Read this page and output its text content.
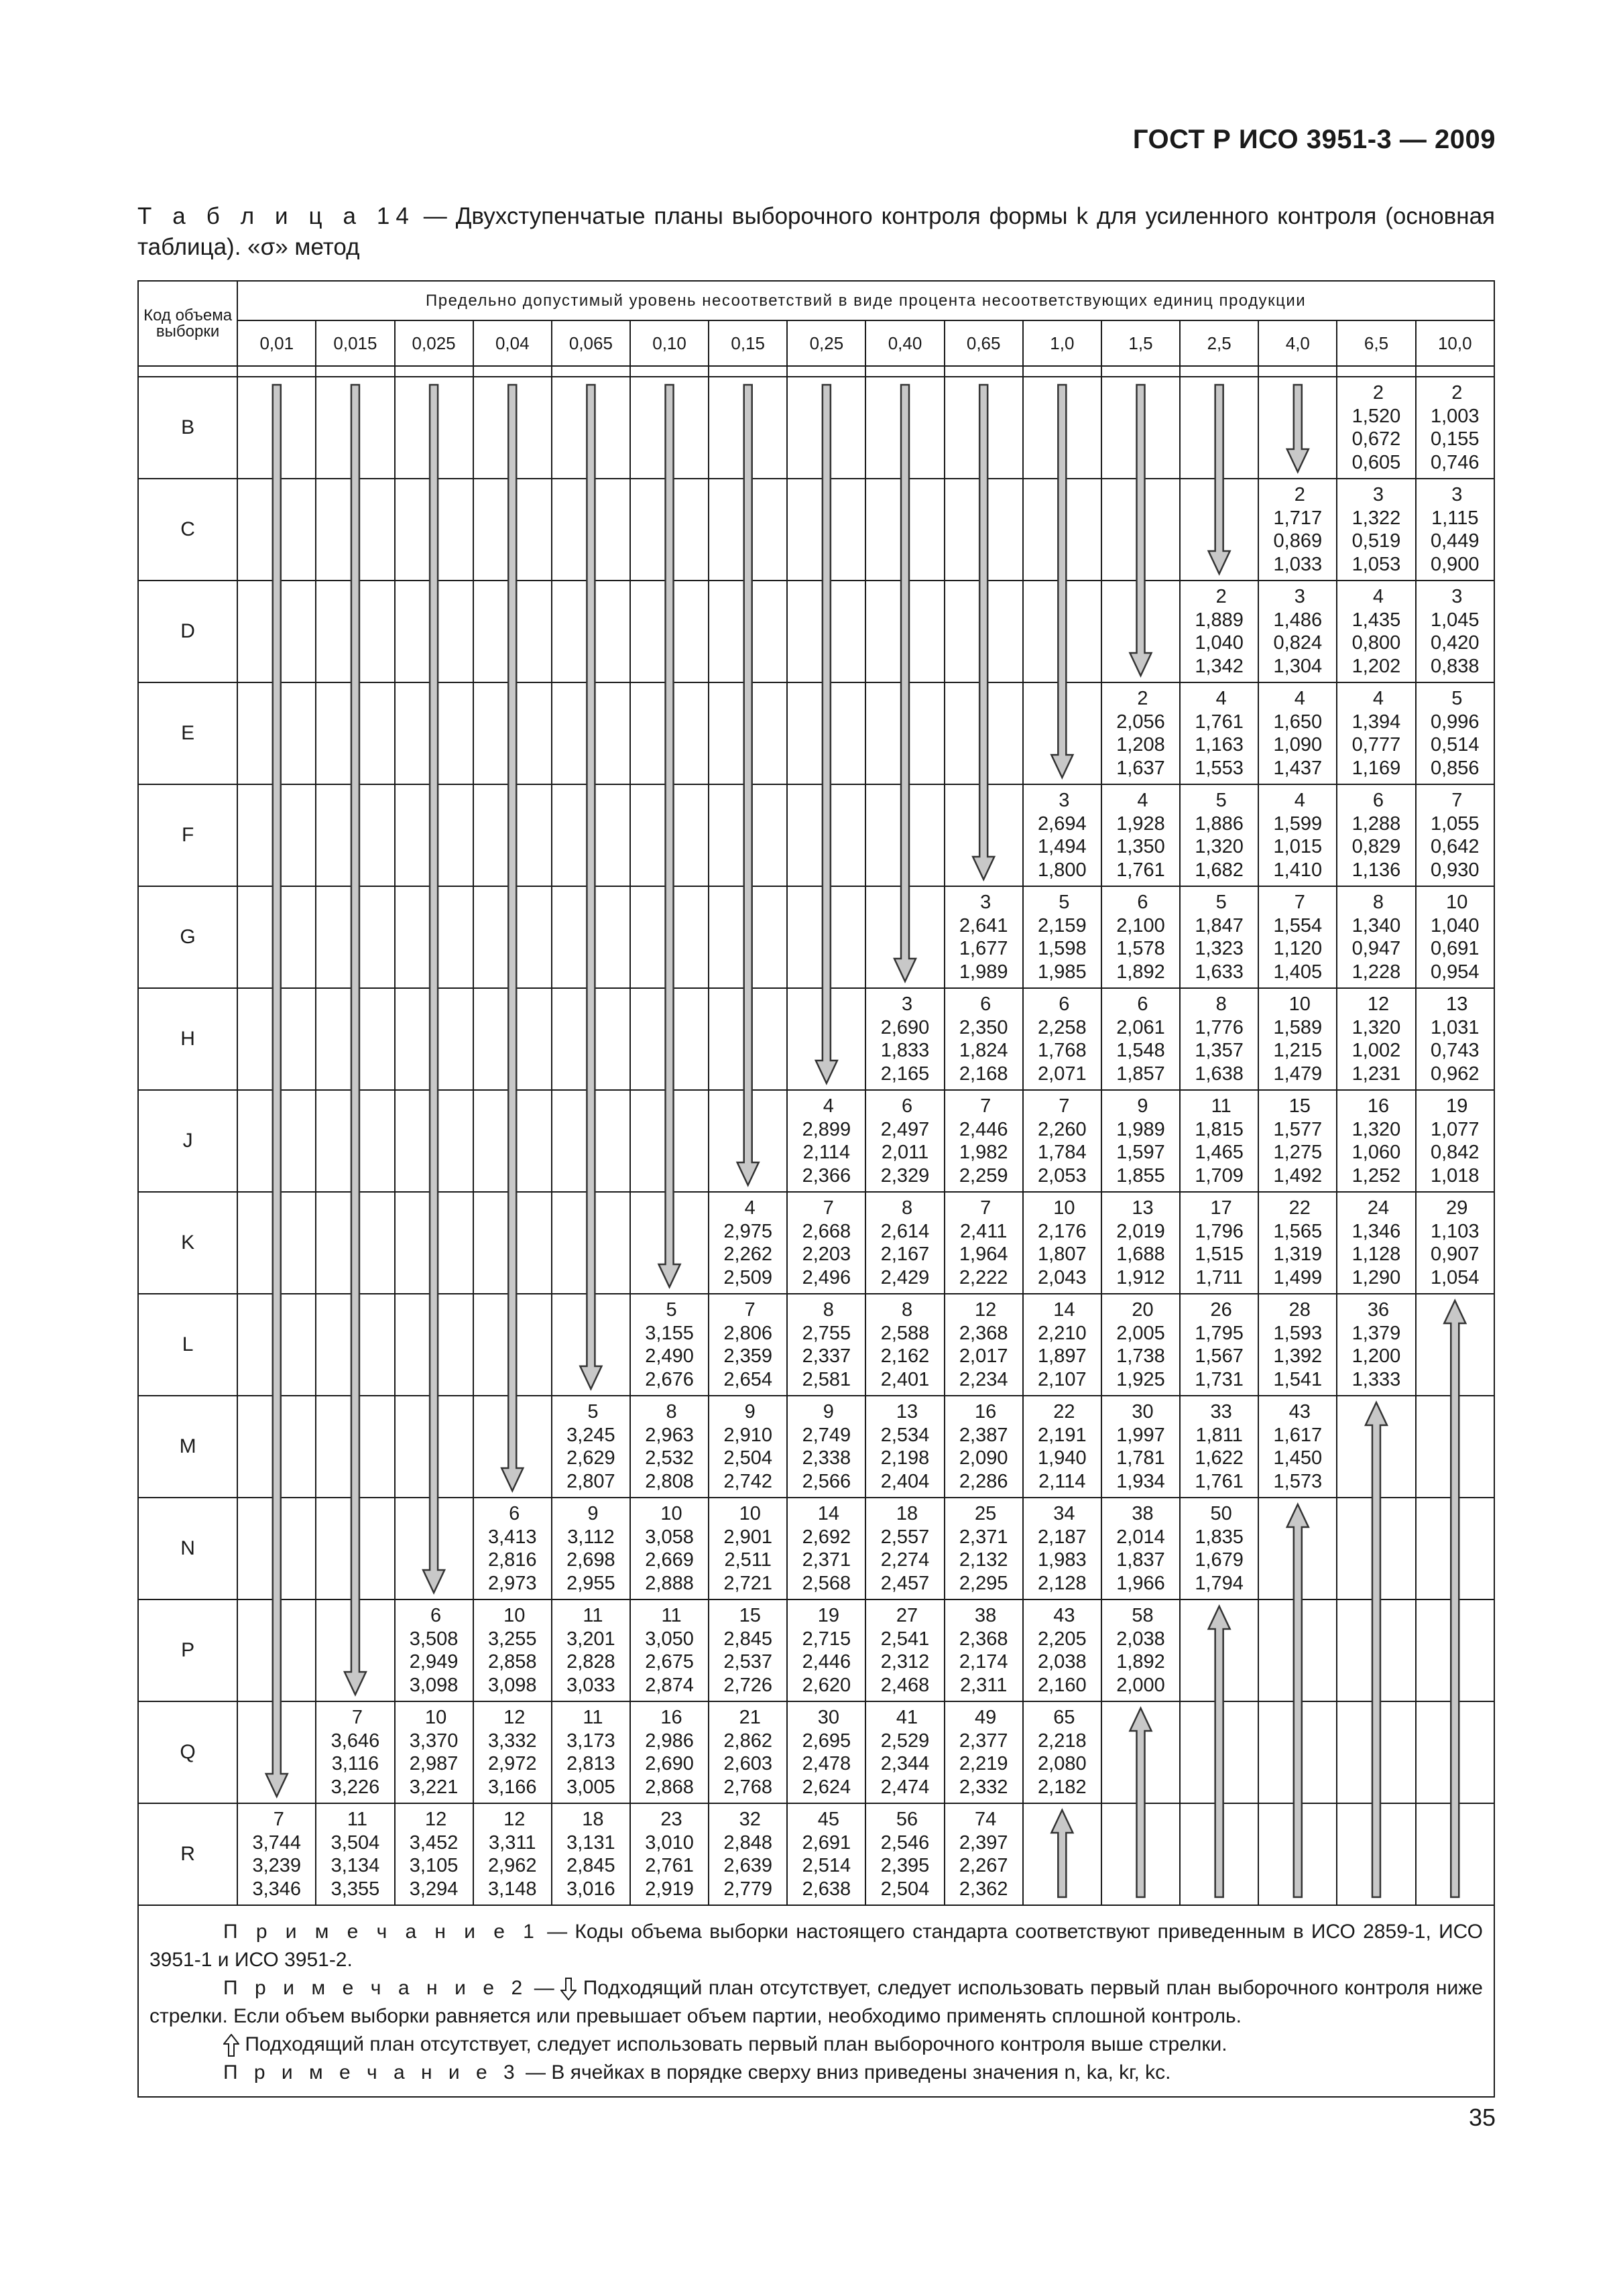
ГОСТ Р ИСО 3951-3 — 2009
Т а б л и ц а 14 — Двухступенчатые планы выборочного контроля формы k для усиленного контроля (основная таблица). «σ» метод
Код объема выборки	Предельно допустимый уровень несоответствий в виде процента несоответствующих единиц продукции															
	0,01	0,015	0,025	0,04	0,065	0,10	0,15	0,25	0,40	0,65	1,0	1,5	2,5	4,0	6,5	10,0

B															2
1,520
0,672
0,605	2
1,003
0,155
0,746

C														2
1,717
0,869
1,033	3
1,322
0,519
1,053	3
1,115
0,449
0,900

D													2
1,889
1,040
1,342	3
1,486
0,824
1,304	4
1,435
0,800
1,202	3
1,045
0,420
0,838

E												2
2,056
1,208
1,637	4
1,761
1,163
1,553	4
1,650
1,090
1,437	4
1,394
0,777
1,169	5
0,996
0,514
0,856

F											3
2,694
1,494
1,800	4
1,928
1,350
1,761	5
1,886
1,320
1,682	4
1,599
1,015
1,410	6
1,288
0,829
1,136	7
1,055
0,642
0,930

G										3
2,641
1,677
1,989	5
2,159
1,598
1,985	6
2,100
1,578
1,892	5
1,847
1,323
1,633	7
1,554
1,120
1,405	8
1,340
0,947
1,228	10
1,040
0,691
0,954

H									3
2,690
1,833
2,165	6
2,350
1,824
2,168	6
2,258
1,768
2,071	6
2,061
1,548
1,857	8
1,776
1,357
1,638	10
1,589
1,215
1,479	12
1,320
1,002
1,231	13
1,031
0,743
0,962

J								4
2,899
2,114
2,366	6
2,497
2,011
2,329	7
2,446
1,982
2,259	7
2,260
1,784
2,053	9
1,989
1,597
1,855	11
1,815
1,465
1,709	15
1,577
1,275
1,492	16
1,320
1,060
1,252	19
1,077
0,842
1,018

K							4
2,975
2,262
2,509	7
2,668
2,203
2,496	8
2,614
2,167
2,429	7
2,411
1,964
2,222	10
2,176
1,807
2,043	13
2,019
1,688
1,912	17
1,796
1,515
1,711	22
1,565
1,319
1,499	24
1,346
1,128
1,290	29
1,103
0,907
1,054

L						5
3,155
2,490
2,676	7
2,806
2,359
2,654	8
2,755
2,337
2,581	8
2,588
2,162
2,401	12
2,368
2,017
2,234	14
2,210
1,897
2,107	20
2,005
1,738
1,925	26
1,795
1,567
1,731	28
1,593
1,392
1,541	36
1,379
1,200
1,333	

M					5
3,245
2,629
2,807	8
2,963
2,532
2,808	9
2,910
2,504
2,742	9
2,749
2,338
2,566	13
2,534
2,198
2,404	16
2,387
2,090
2,286	22
2,191
1,940
2,114	30
1,997
1,781
1,934	33
1,811
1,622
1,761	43
1,617
1,450
1,573		

N				6
3,413
2,816
2,973	9
3,112
2,698
2,955	10
3,058
2,669
2,888	10
2,901
2,511
2,721	14
2,692
2,371
2,568	18
2,557
2,274
2,457	25
2,371
2,132
2,295	34
2,187
1,983
2,128	38
2,014
1,837
1,966	50
1,835
1,679
1,794			

P			6
3,508
2,949
3,098	10
3,255
2,858
3,098	11
3,201
2,828
3,033	11
3,050
2,675
2,874	15
2,845
2,537
2,726	19
2,715
2,446
2,620	27
2,541
2,312
2,468	38
2,368
2,174
2,311	43
2,205
2,038
2,160	58
2,038
1,892
2,000				

Q		7
3,646
3,116
3,226	10
3,370
2,987
3,221	12
3,332
2,972
3,166	11
3,173
2,813
3,005	16
2,986
2,690
2,868	21
2,862
2,603
2,768	30
2,695
2,478
2,624	41
2,529
2,344
2,474	49
2,377
2,219
2,332	65
2,218
2,080
2,182					

R	7
3,744
3,239
3,346	11
3,504
3,134
3,355	12
3,452
3,105
3,294	12
3,311
2,962
3,148	18
3,131
2,845
3,016	23
3,010
2,761
2,919	32
2,848
2,639
2,779	45
2,691
2,514
2,638	56
2,546
2,395
2,504	74
2,397
2,267
2,362						

П р и м е ч а н и е 1 — Коды объема выборки настоящего стандарта соответствуют приведенным в ИСО 2859-1, ИСО 3951-1 и ИСО 3951-2.

П р и м е ч а н и е 2 —  Подходящий план отсутствует, следует использовать первый план выборочного контроля ниже стрелки. Если объем выборки равняется или превышает объем партии, необходимо применять сплошной контроль.

Подходящий план отсутствует, следует использовать первый план выборочного контроля выше стрелки.

П р и м е ч а н и е 3 — В ячейках в порядке сверху вниз приведены значения n, kа, kг, kс.

35
